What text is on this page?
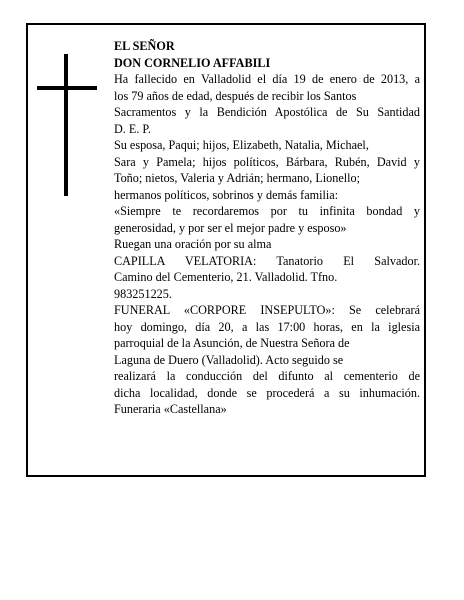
EL SEÑOR
DON CORNELIO AFFABILI
Ha fallecido en Valladolid el día 19 de enero de 2013, a
los 79 años de edad, después de recibir los Santos
Sacramentos y la Bendición Apostólica de Su Santidad
D. E. P.
Su esposa, Paqui; hijos, Elizabeth, Natalia, Michael,
Sara y Pamela; hijos políticos, Bárbara, Rubén, David y
Toño; nietos, Valeria y Adrián; hermano, Lionello;
hermanos políticos, sobrinos y demás familia:
«Siempre te recordaremos por tu infinita bondad y
generosidad, y por ser el mejor padre y esposo»
Ruegan una oración por su alma
CAPILLA VELATORIA: Tanatorio El Salvador.
Camino del Cementerio, 21. Valladolid. Tfno.
983251225.
FUNERAL «CORPORE INSEPULTO»: Se celebrará
hoy domingo, día 20, a las 17:00 horas, en la iglesia
parroquial de la Asunción, de Nuestra Señora de
Laguna de Duero (Valladolid). Acto seguido se
realizará la conducción del difunto al cementerio de
dicha localidad, donde se procederá a su inhumación.
Funeraria «Castellana»
